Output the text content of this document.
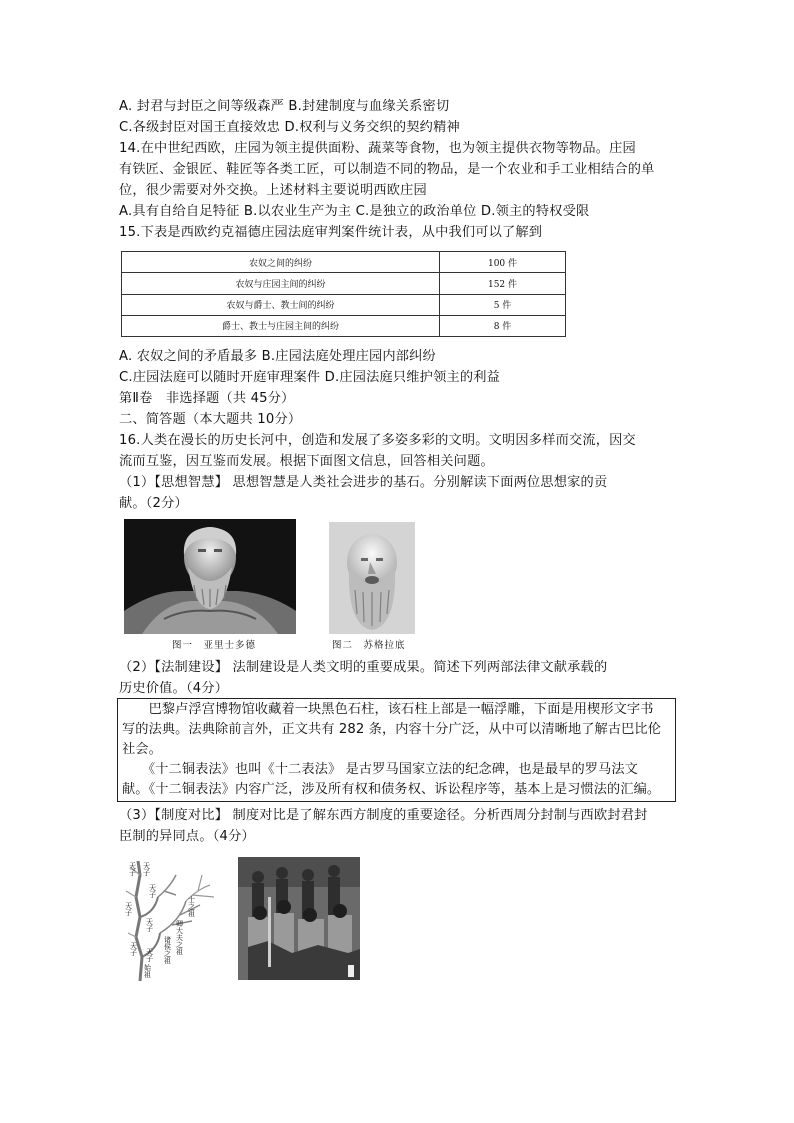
A. 封君与封臣之间等级森严 B.封建制度与血缘关系密切
C.各级封臣对国王直接效忠 D.权利与义务交织的契约精神
14.在中世纪西欧，庄园为领主提供面粉、蔬菜等食物，也为领主提供衣物等物品。庄园
有铁匠、金银匠、鞋匠等各类工匠，可以制造不同的物品，是一个农业和手工业相结合的单
位，很少需要对外交换。上述材料主要说明西欧庄园
A.具有自给自足特征 B.以农业生产为主 C.是独立的政治单位 D.领主的特权受限
15.下表是西欧约克福德庄园法庭审判案件统计表，从中我们可以了解到
农奴之间的纠纷	100 件
农奴与庄园主间的纠纷	152 件
农奴与爵士、教士间的纠纷	5 件
爵士、教士与庄园主间的纠纷	8 件
A. 农奴之间的矛盾最多 B.庄园法庭处理庄园内部纠纷
C.庄园法庭可以随时开庭审理案件 D.庄园法庭只维护领主的利益
第Ⅱ卷　非选择题（共 45分）
二、简答题（本大题共 10分）
16.人类在漫长的历史长河中，创造和发展了多姿多彩的文明。文明因多样而交流，因交
流而互鉴，因互鉴而发展。根据下面图文信息，回答相关问题。
（1）【思想智慧】 思想智慧是人类社会进步的基石。分别解读下面两位思想家的贡
献。（2分）
图一　亚里士多德	图二　苏格拉底
（2）【法制建设】 法制建设是人类文明的重要成果。简述下列两部法律文献承载的
历史价值。（4分）
　　巴黎卢浮宫博物馆收藏着一块黑色石柱，该石柱上部是一幅浮雕，下面是用楔形文字书
写的法典。法典除前言外，正文共有 282 条，内容十分广泛，从中可以清晰地了解古巴比伦
社会。
　　《十二铜表法》也叫《十二表法》 是古罗马国家立法的纪念碑，也是最早的罗马法文
献。《十二铜表法》内容广泛，涉及所有权和债务权、诉讼程序等，基本上是习惯法的汇编。
（3）【制度对比】 制度对比是了解东西方制度的重要途径。分析西周分封制与西欧封君封
臣制的异同点。（4分）
天子
天子
天子
天子
天子
天子 天子
始祖
诸侯之祖
卿大夫之祖
士之祖
